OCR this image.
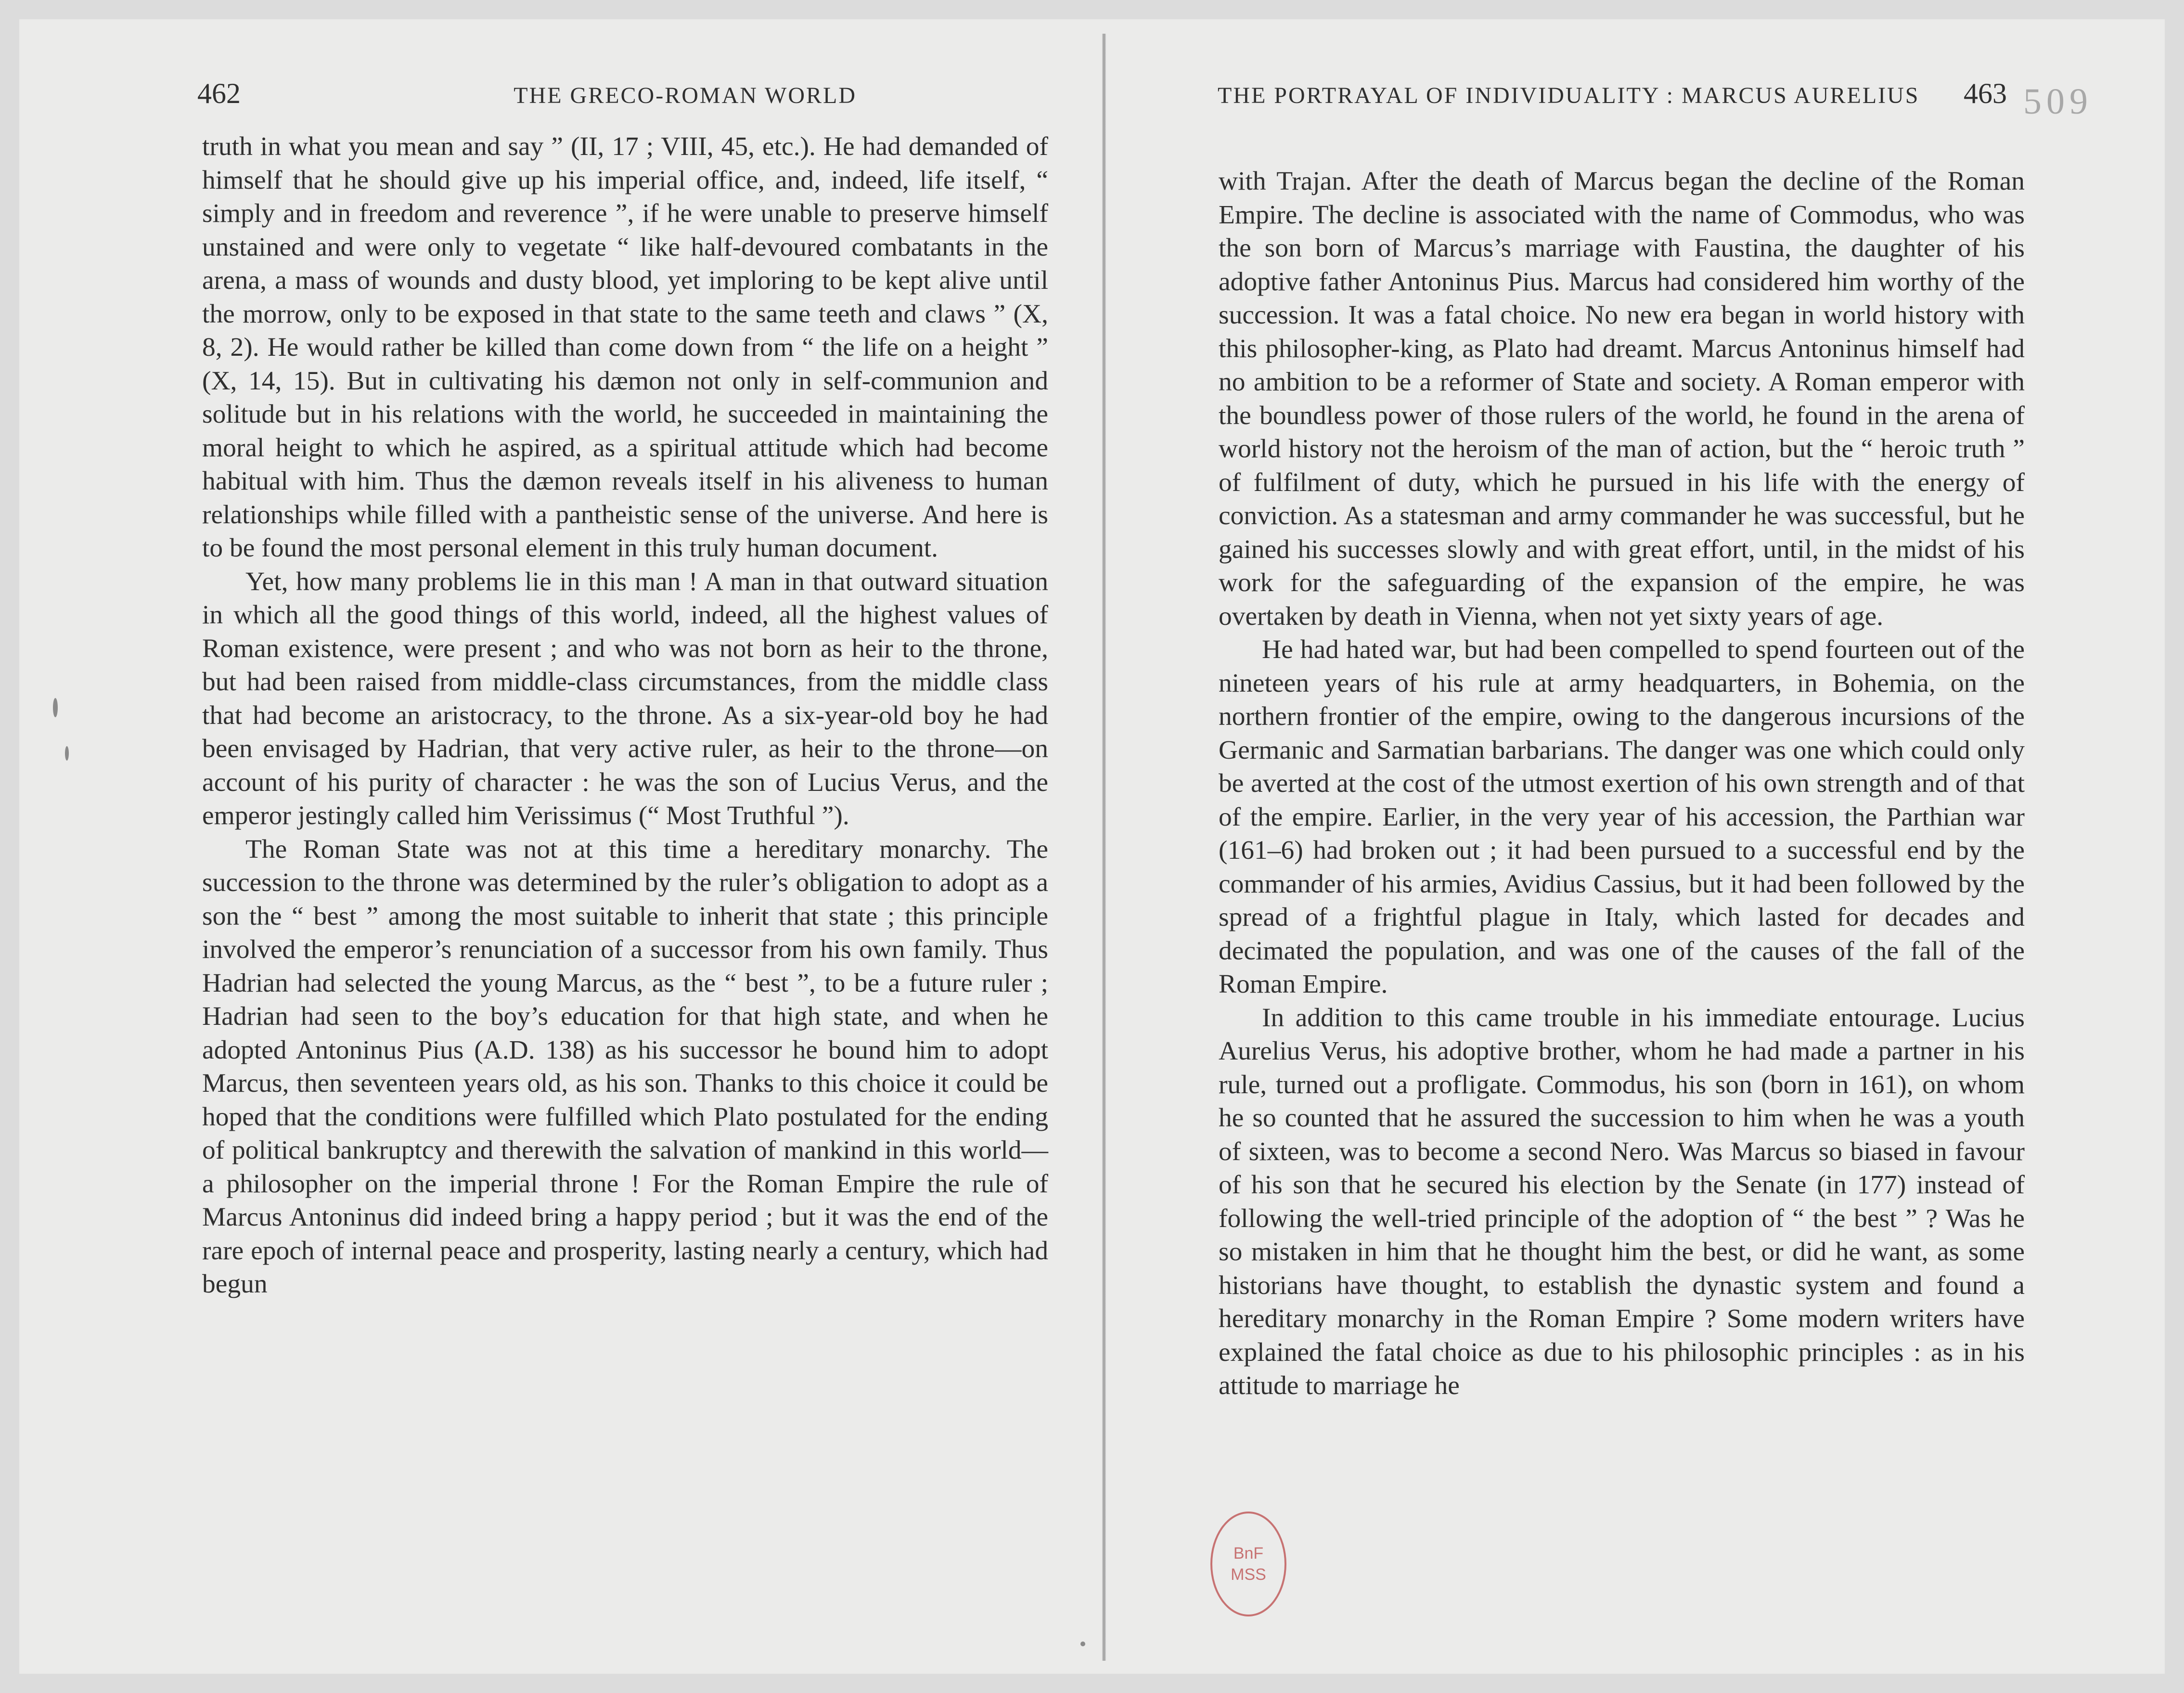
462	THE GRECO-ROMAN WORLD

truth in what you mean and say ” (II, 17 ; VIII, 45, etc.). He had demanded of himself that he should give up his imperial office, and, indeed, life itself, “ simply and in freedom and reverence ”, if he were unable to preserve himself unstained and were only to vegetate “ like half-devoured combatants in the arena, a mass of wounds and dusty blood, yet imploring to be kept alive until the morrow, only to be exposed in that state to the same teeth and claws ” (X, 8, 2). He would rather be killed than come down from “ the life on a height ” (X, 14, 15). But in cultivating his dæmon not only in self-communion and solitude but in his relations with the world, he succeeded in maintaining the moral height to which he aspired, as a spiritual attitude which had become habitual with him. Thus the dæmon reveals itself in his aliveness to human relationships while filled with a pantheistic sense of the universe. And here is to be found the most personal element in this truly human document.

Yet, how many problems lie in this man ! A man in that outward situation in which all the good things of this world, indeed, all the highest values of Roman existence, were present ; and who was not born as heir to the throne, but had been raised from middle-class circumstances, from the middle class that had become an aristocracy, to the throne. As a six-year-old boy he had been envisaged by Hadrian, that very active ruler, as heir to the throne—on account of his purity of character : he was the son of Lucius Verus, and the emperor jestingly called him Verissimus (“ Most Truthful ”).

The Roman State was not at this time a hereditary monarchy. The succession to the throne was determined by the ruler’s obligation to adopt as a son the “ best ” among the most suitable to inherit that state ; this principle involved the emperor’s renunciation of a successor from his own family. Thus Hadrian had selected the young Marcus, as the “ best ”, to be a future ruler ; Hadrian had seen to the boy’s education for that high state, and when he adopted Antoninus Pius (A.D. 138) as his successor he bound him to adopt Marcus, then seventeen years old, as his son. Thanks to this choice it could be hoped that the conditions were fulfilled which Plato postulated for the ending of political bankruptcy and therewith the salvation of mankind in this world—a philosopher on the imperial throne ! For the Roman Empire the rule of Marcus Antoninus did indeed bring a happy period ; but it was the end of the rare epoch of internal peace and prosperity, lasting nearly a century, which had begun

THE PORTRAYAL OF INDIVIDUALITY : MARCUS AURELIUS 463

with Trajan. After the death of Marcus began the decline of the Roman Empire. The decline is associated with the name of Commodus, who was the son born of Marcus’s marriage with Faustina, the daughter of his adoptive father Antoninus Pius. Marcus had considered him worthy of the succession. It was a fatal choice. No new era began in world history with this philosopher-king, as Plato had dreamt. Marcus Antoninus himself had no ambition to be a reformer of State and society. A Roman emperor with the boundless power of those rulers of the world, he found in the arena of world history not the heroism of the man of action, but the “ heroic truth ” of fulfilment of duty, which he pursued in his life with the energy of conviction. As a statesman and army commander he was successful, but he gained his successes slowly and with great effort, until, in the midst of his work for the safeguarding of the expansion of the empire, he was overtaken by death in Vienna, when not yet sixty years of age.

He had hated war, but had been compelled to spend fourteen out of the nineteen years of his rule at army headquarters, in Bohemia, on the northern frontier of the empire, owing to the dangerous incursions of the Germanic and Sarmatian barbarians. The danger was one which could only be averted at the cost of the utmost exertion of his own strength and of that of the empire. Earlier, in the very year of his accession, the Parthian war (161–6) had broken out ; it had been pursued to a successful end by the commander of his armies, Avidius Cassius, but it had been followed by the spread of a frightful plague in Italy, which lasted for decades and decimated the population, and was one of the causes of the fall of the Roman Empire.

In addition to this came trouble in his immediate entourage. Lucius Aurelius Verus, his adoptive brother, whom he had made a partner in his rule, turned out a profligate. Commodus, his son (born in 161), on whom he so counted that he assured the succession to him when he was a youth of sixteen, was to become a second Nero. Was Marcus so biased in favour of his son that he secured his election by the Senate (in 177) instead of following the well-tried principle of the adoption of “ the best ” ? Was he so mistaken in him that he thought him the best, or did he want, as some historians have thought, to establish the dynastic system and found a hereditary monarchy in the Roman Empire ? Some modern writers have explained the fatal choice as due to his philosophic principles : as in his attitude to marriage he

509
BnF
MSS
